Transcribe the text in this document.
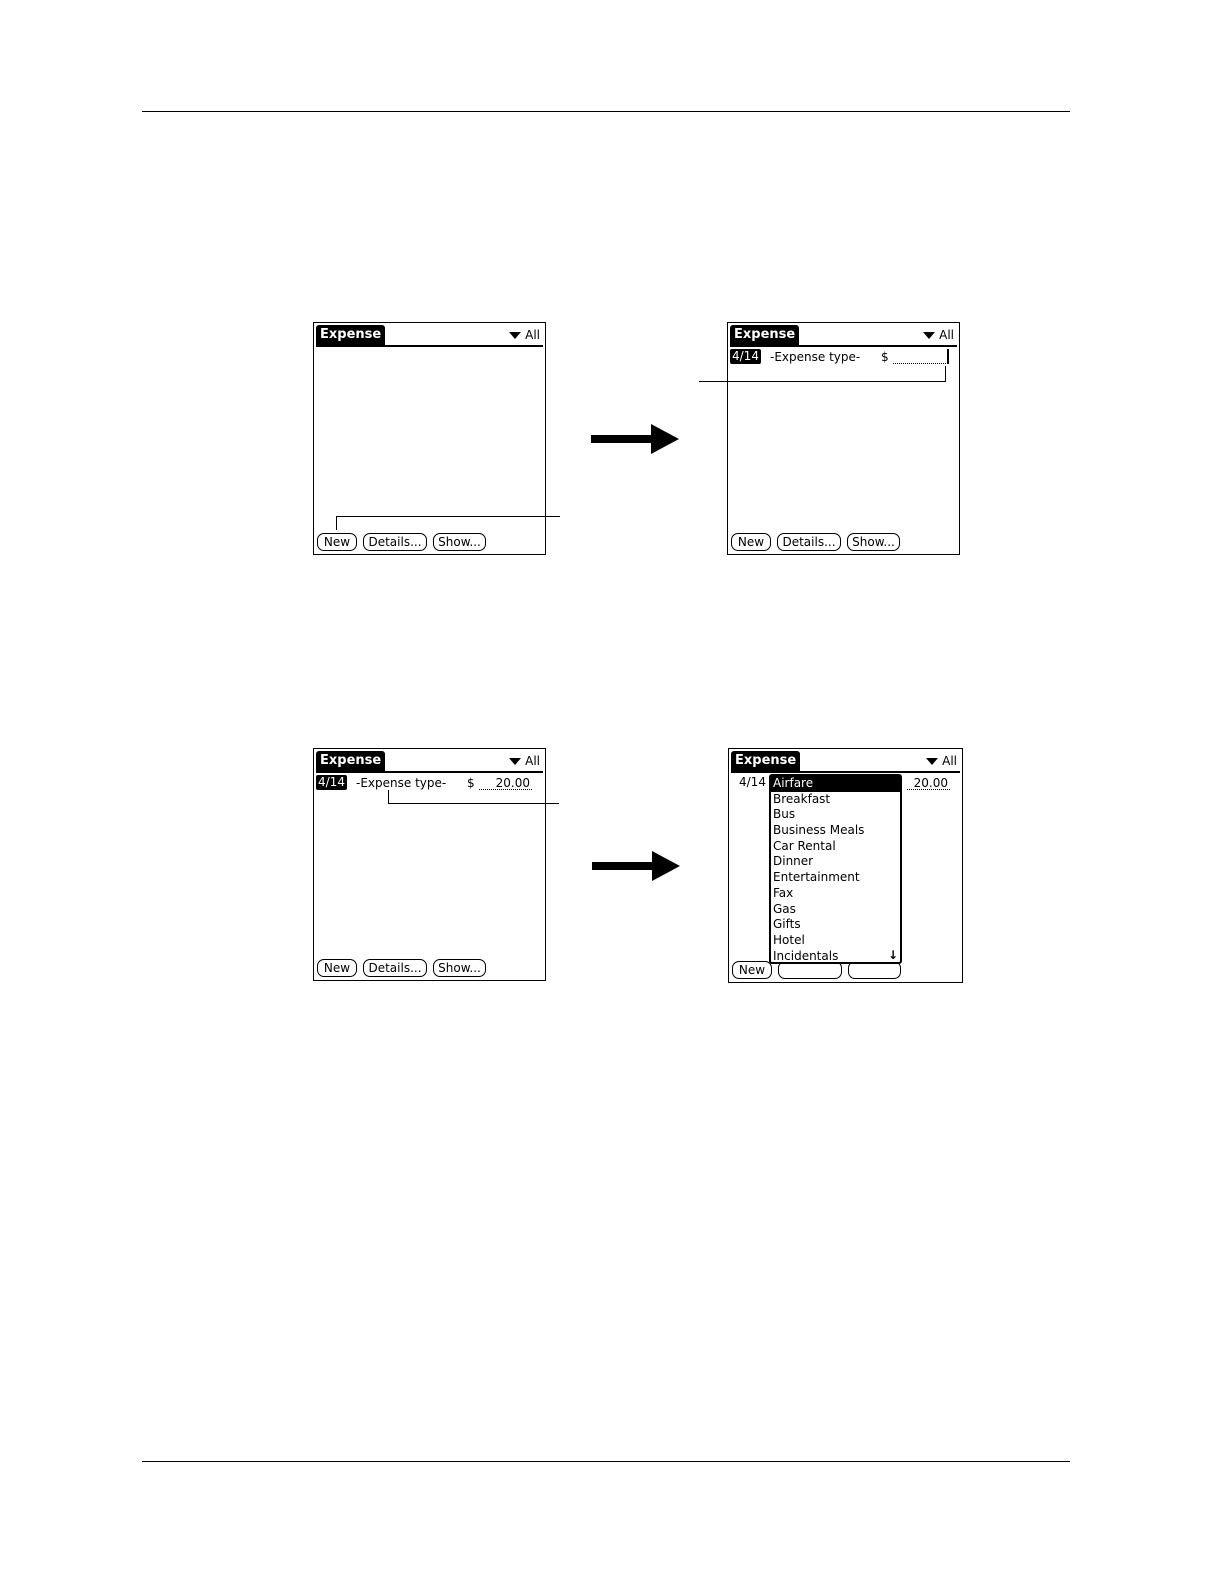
Expense	All
New	Details...	Show...
Expense	All
4/14 -Expense type- $
New	Details...	Show...
Expense	All
4/14 -Expense type- $	20.00
New	Details...	Show...
Expense	All
4/14	20.00
New
Airfare
Breakfast
Bus
Business Meals
Car Rental
Dinner
Entertainment
Fax
Gas
Gifts
Hotel
Incidentals	↓
